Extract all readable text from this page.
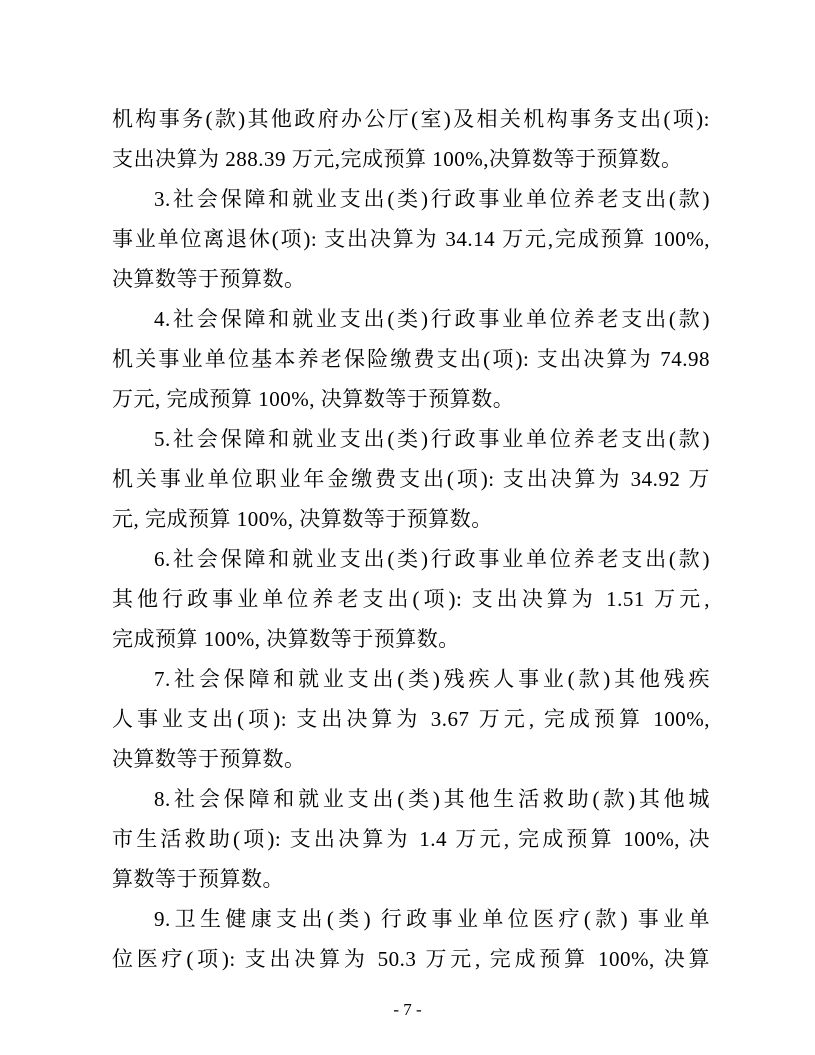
机构事务(款)其他政府办公厅(室)及相关机构事务支出(项):
支出决算为 288.39 万元,完成预算 100%,决算数等于预算数。
3.社会保障和就业支出(类)行政事业单位养老支出(款)
事业单位离退休(项): 支出决算为 34.14 万元,完成预算 100%,
决算数等于预算数。
4.社会保障和就业支出(类)行政事业单位养老支出(款)
机关事业单位基本养老保险缴费支出(项): 支出决算为 74.98
万元, 完成预算 100%, 决算数等于预算数。
5.社会保障和就业支出(类)行政事业单位养老支出(款)
机关事业单位职业年金缴费支出(项): 支出决算为 34.92 万
元, 完成预算 100%, 决算数等于预算数。
6.社会保障和就业支出(类)行政事业单位养老支出(款)
其他行政事业单位养老支出(项): 支出决算为 1.51 万元,
完成预算 100%, 决算数等于预算数。
7.社会保障和就业支出(类)残疾人事业(款)其他残疾
人事业支出(项): 支出决算为 3.67 万元, 完成预算 100%,
决算数等于预算数。
8.社会保障和就业支出(类)其他生活救助(款)其他城
市生活救助(项): 支出决算为 1.4 万元, 完成预算 100%, 决
算数等于预算数。
9.卫生健康支出(类) 行政事业单位医疗(款) 事业单
位医疗(项): 支出决算为 50.3 万元, 完成预算 100%, 决算
- 7 -
